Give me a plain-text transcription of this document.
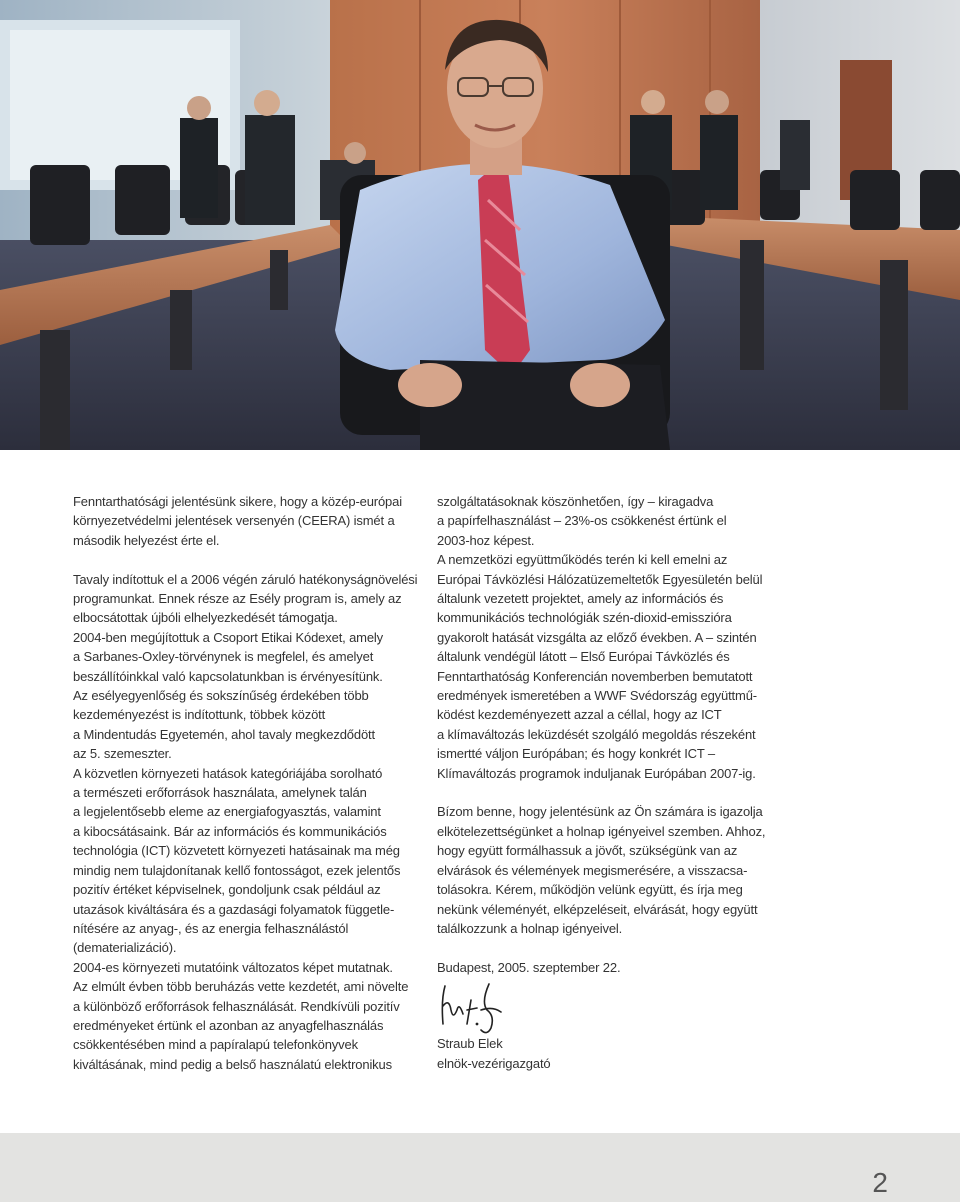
Fenntarthatósági jelentésünk sikere, hogy a közép-európai
környezetvédelmi jelentések versenyén (CEERA) ismét a
második helyezést érte el.

Tavaly indítottuk el a 2006 végén záruló hatékonyságnövelési
programunkat. Ennek része az Esély program is, amely az
elbocsátottak újbóli elhelyezkedését támogatja.

2004-ben megújítottuk a Csoport Etikai Kódexet, amely
a Sarbanes-Oxley-törvénynek is megfelel, és amelyet
beszállítóinkkal való kapcsolatunkban is érvényesítünk.

Az esélyegyenlőség és sokszínűség érdekében több
kezdeményezést is indítottunk, többek között
a Mindentudás Egyetemén, ahol tavaly megkezdődött
az 5. szemeszter.

A közvetlen környezeti hatások kategóriájába sorolható
a természeti erőforrások használata, amelynek talán
a legjelentősebb eleme az energiafogyasztás, valamint
a kibocsátásaink. Bár az információs és kommunikációs
technológia (ICT) közvetett környezeti hatásainak ma még
mindig nem tulajdonítanak kellő fontosságot, ezek jelentős
pozitív értéket képviselnek, gondoljunk csak például az
utazások kiváltására és a gazdasági folyamatok függetle-
nítésére az anyag-, és az energia felhasználástól
(dematerializáció).

2004-es környezeti mutatóink változatos képet mutatnak.
Az elmúlt évben több beruházás vette kezdetét, ami növelte
a különböző erőforrások felhasználását. Rendkívüli pozitív
eredményeket értünk el azonban az anyagfelhasználás
csökkentésében mind a papíralapú telefonkönyvek
kiváltásának, mind pedig a belső használatú elektronikus

szolgáltatásoknak köszönhetően, így – kiragadva
a papírfelhasználást – 23%-os csökkenést értünk el
2003-hoz képest.

A nemzetközi együttműködés terén ki kell emelni az
Európai Távközlési Hálózatüzemeltetők Egyesületén belül
általunk vezetett projektet, amely az információs és
kommunikációs technológiák szén-dioxid-emisszióra
gyakorolt hatását vizsgálta az előző években. A – szintén
általunk vendégül látott – Első Európai Távközlés és
Fenntarthatóság Konferencián novemberben bemutatott
eredmények ismeretében a WWF Svédország együttmű-
ködést kezdeményezett azzal a céllal, hogy az ICT
a klímaváltozás leküzdését szolgáló megoldás részeként
ismertté váljon Európában; és hogy konkrét ICT –
Klímaváltozás programok induljanak Európában 2007-ig.

Bízom benne, hogy jelentésünk az Ön számára is igazolja
elkötelezettségünket a holnap igényeivel szemben. Ahhoz,
hogy együtt formálhassuk a jövőt, szükségünk van az
elvárások és vélemények megismerésére, a visszacsa-
tolásokra. Kérem, működjön velünk együtt, és írja meg
nekünk véleményét, elképzeléseit, elvárását, hogy együtt
találkozzunk a holnap igényeivel.

Budapest, 2005. szeptember 22.

Straub Elek
elnök-vezérigazgató
2
